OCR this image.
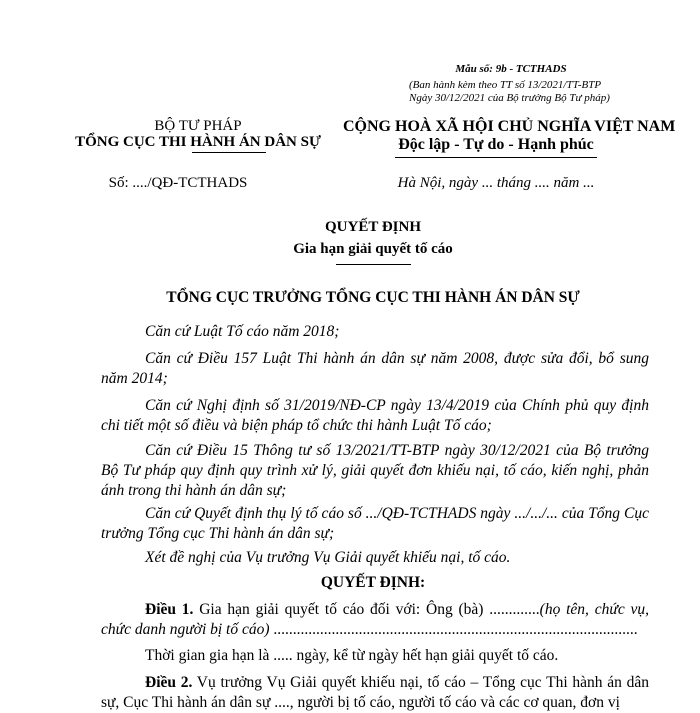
Mẫu số: 9b - TCTHADS
(Ban hành kèm theo TT số 13/2021/TT-BTP
Ngày 30/12/2021 của Bộ trưởng Bộ Tư pháp)
BỘ TƯ PHÁP
TỔNG CỤC THI HÀNH ÁN DÂN SỰ
CỘNG HOÀ XÃ HỘI CHỦ NGHĨA VIỆT NAM
Độc lập - Tự do - Hạnh phúc
Số: ..../QĐ-TCTHADS	Hà Nội, ngày ... tháng .... năm ...
QUYẾT ĐỊNH
Gia hạn giải quyết tố cáo
TỔNG CỤC TRƯỞNG TỔNG CỤC THI HÀNH ÁN DÂN SỰ
Căn cứ Luật Tố cáo năm 2018;
Căn cứ Điều 157 Luật Thi hành án dân sự năm 2008, được sửa đổi, bổ sung năm 2014;
Căn cứ Nghị định số 31/2019/NĐ-CP ngày 13/4/2019 của Chính phủ quy định chi tiết một số điều và biện pháp tổ chức thi hành Luật Tố cáo;
Căn cứ Điều 15 Thông tư số 13/2021/TT-BTP ngày 30/12/2021 của Bộ trưởng Bộ Tư pháp quy định quy trình xử lý, giải quyết đơn khiếu nại, tố cáo, kiến nghị, phản ánh trong thi hành án dân sự;
Căn cứ Quyết định thụ lý tố cáo số .../QĐ-TCTHADS ngày .../.../... của Tổng Cục trưởng Tổng cục Thi hành án dân sự;
Xét đề nghị của Vụ trưởng Vụ Giải quyết khiếu nại, tố cáo.
QUYẾT ĐỊNH:
Điều 1. Gia hạn giải quyết tố cáo đối với: Ông (bà) .............(họ tên, chức vụ, chức danh người bị tố cáo) ..............................................................................................
Thời gian gia hạn là ..... ngày, kể từ ngày hết hạn giải quyết tố cáo.
Điều 2. Vụ trưởng Vụ Giải quyết khiếu nại, tố cáo – Tổng cục Thi hành án dân sự, Cục Thi hành án dân sự ...., người bị tố cáo, người tố cáo và các cơ quan, đơn vị
